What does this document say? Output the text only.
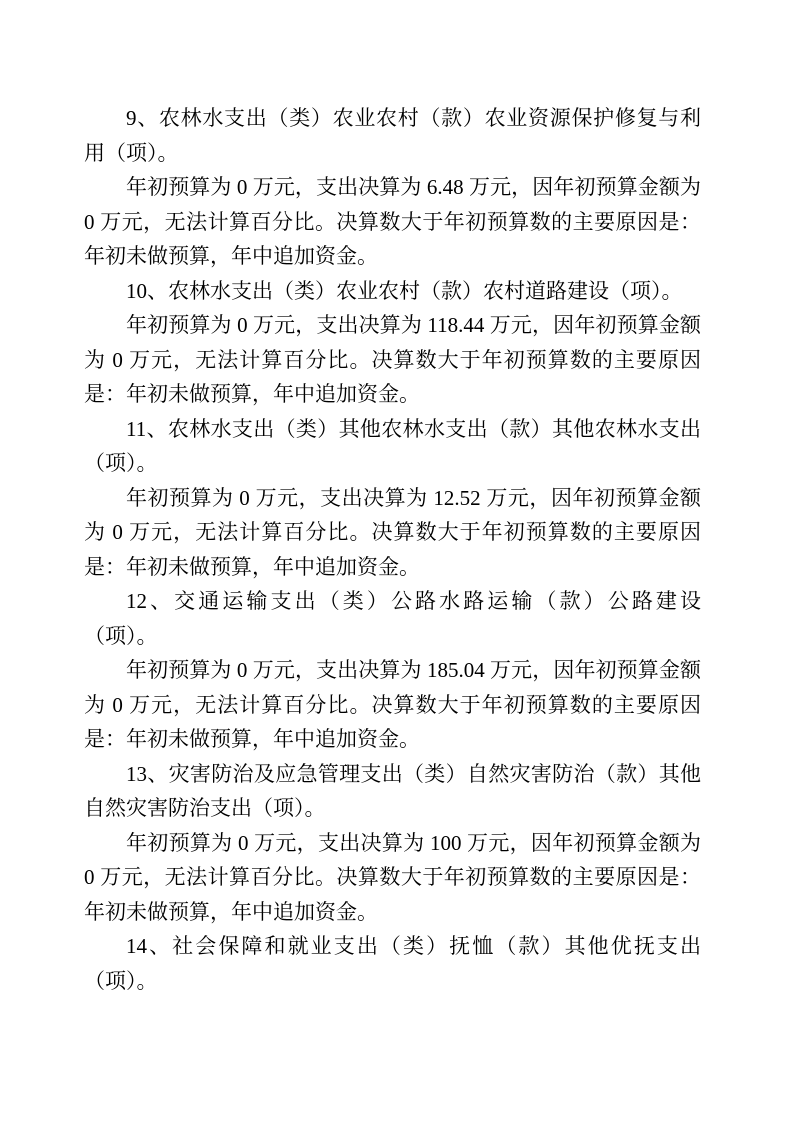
9、农林水支出（类）农业农村（款）农业资源保护修复与利用（项）。

年初预算为 0 万元，支出决算为 6.48 万元，因年初预算金额为 0 万元，无法计算百分比。决算数大于年初预算数的主要原因是：年初未做预算，年中追加资金。

10、农林水支出（类）农业农村（款）农村道路建设（项）。

年初预算为 0 万元，支出决算为 118.44 万元，因年初预算金额为 0 万元，无法计算百分比。决算数大于年初预算数的主要原因是：年初未做预算，年中追加资金。

11、农林水支出（类）其他农林水支出（款）其他农林水支出（项）。

年初预算为 0 万元，支出决算为 12.52 万元，因年初预算金额为 0 万元，无法计算百分比。决算数大于年初预算数的主要原因是：年初未做预算，年中追加资金。

12、交通运输支出（类）公路水路运输（款）公路建设（项）。

年初预算为 0 万元，支出决算为 185.04 万元，因年初预算金额为 0 万元，无法计算百分比。决算数大于年初预算数的主要原因是：年初未做预算，年中追加资金。

13、灾害防治及应急管理支出（类）自然灾害防治（款）其他自然灾害防治支出（项）。

年初预算为 0 万元，支出决算为 100 万元，因年初预算金额为 0 万元，无法计算百分比。决算数大于年初预算数的主要原因是：年初未做预算，年中追加资金。

14、社会保障和就业支出（类）抚恤（款）其他优抚支出（项）。
